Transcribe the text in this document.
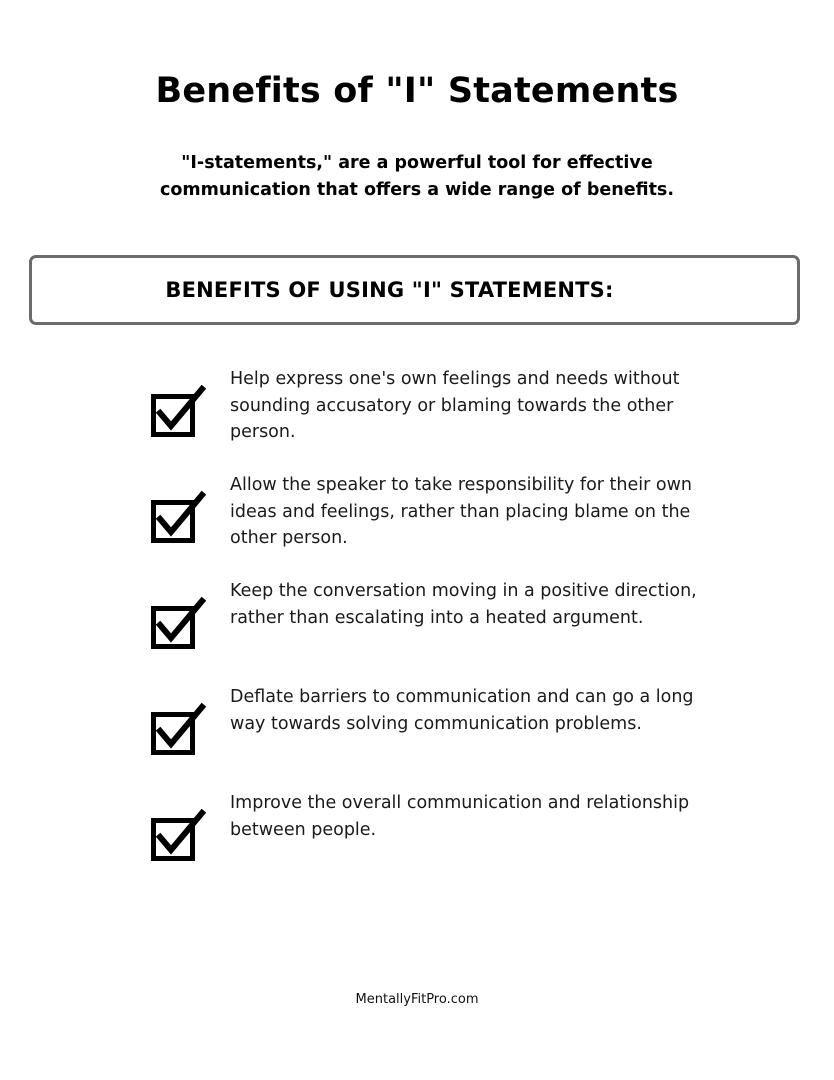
Benefits of "I" Statements

"I-statements," are a powerful tool for effective communication that offers a wide range of benefits.

BENEFITS OF USING "I" STATEMENTS:
Help express one's own feelings and needs without sounding accusatory or blaming towards the other person.
Allow the speaker to take responsibility for their own ideas and feelings, rather than placing blame on the other person.
Keep the conversation moving in a positive direction, rather than escalating into a heated argument.
Deflate barriers to communication and can go a long way towards solving communication problems.
Improve the overall communication and relationship between people.
MentallyFitPro.com
